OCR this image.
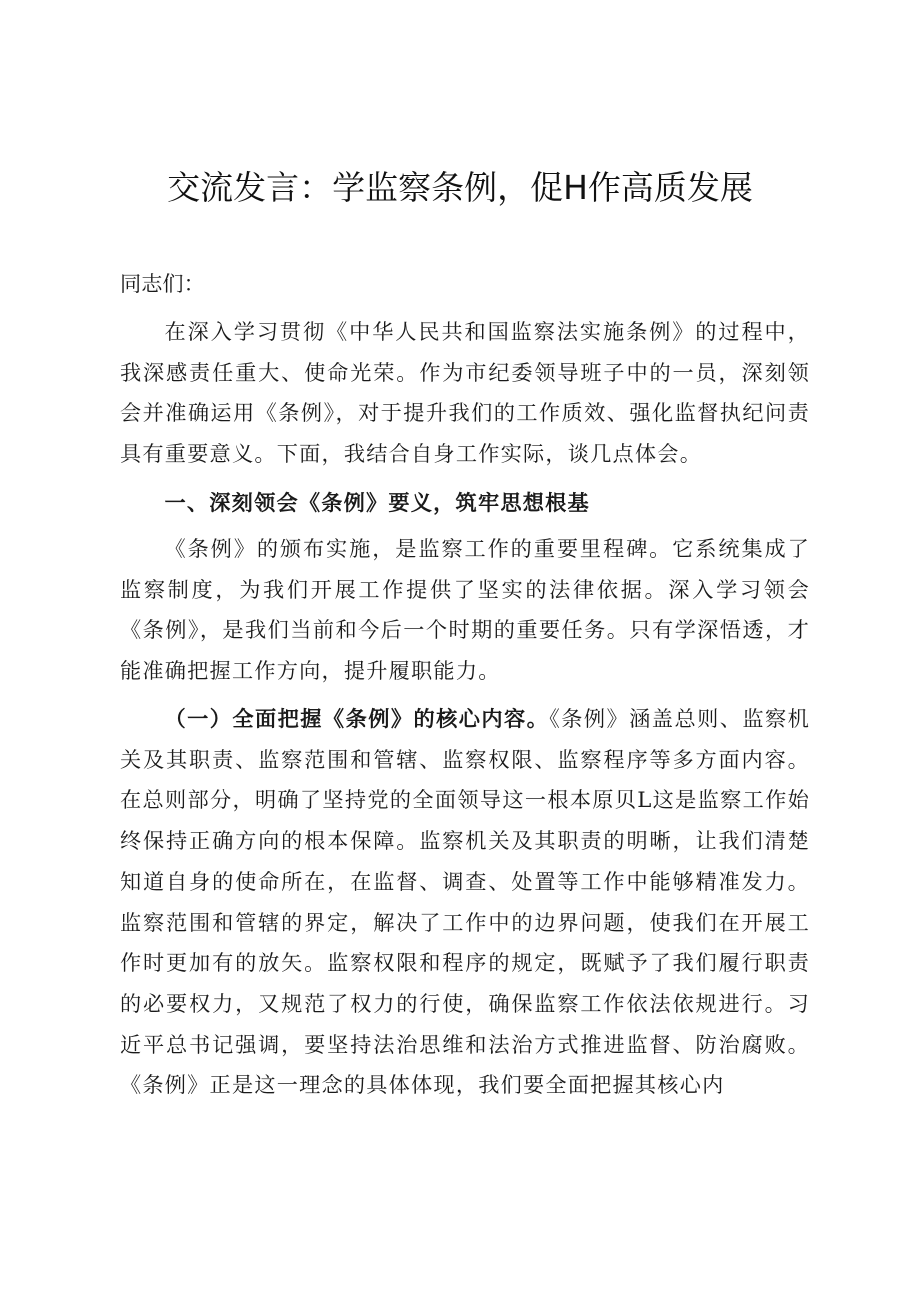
交流发言：学监察条例，促H作高质发展

同志们：

在深入学习贯彻《中华人民共和国监察法实施条例》的过程中，我深感责任重大、使命光荣。作为市纪委领导班子中的一员，深刻领会并准确运用《条例》，对于提升我们的工作质效、强化监督执纪问责具有重要意义。下面，我结合自身工作实际，谈几点体会。

一、深刻领会《条例》要义，筑牢思想根基

《条例》的颁布实施，是监察工作的重要里程碑。它系统集成了监察制度，为我们开展工作提供了坚实的法律依据。深入学习领会《条例》，是我们当前和今后一个时期的重要任务。只有学深悟透，才能准确把握工作方向，提升履职能力。

（一）全面把握《条例》的核心内容。《条例》涵盖总则、监察机关及其职责、监察范围和管辖、监察权限、监察程序等多方面内容。在总则部分，明确了坚持党的全面领导这一根本原贝L这是监察工作始终保持正确方向的根本保障。监察机关及其职责的明晰，让我们清楚知道自身的使命所在，在监督、调查、处置等工作中能够精准发力。监察范围和管辖的界定，解决了工作中的边界问题，使我们在开展工作时更加有的放矢。监察权限和程序的规定，既赋予了我们履行职责的必要权力，又规范了权力的行使，确保监察工作依法依规进行。习近平总书记强调，要坚持法治思维和法治方式推进监督、防治腐败。《条例》正是这一理念的具体体现，我们要全面把握其核心内
